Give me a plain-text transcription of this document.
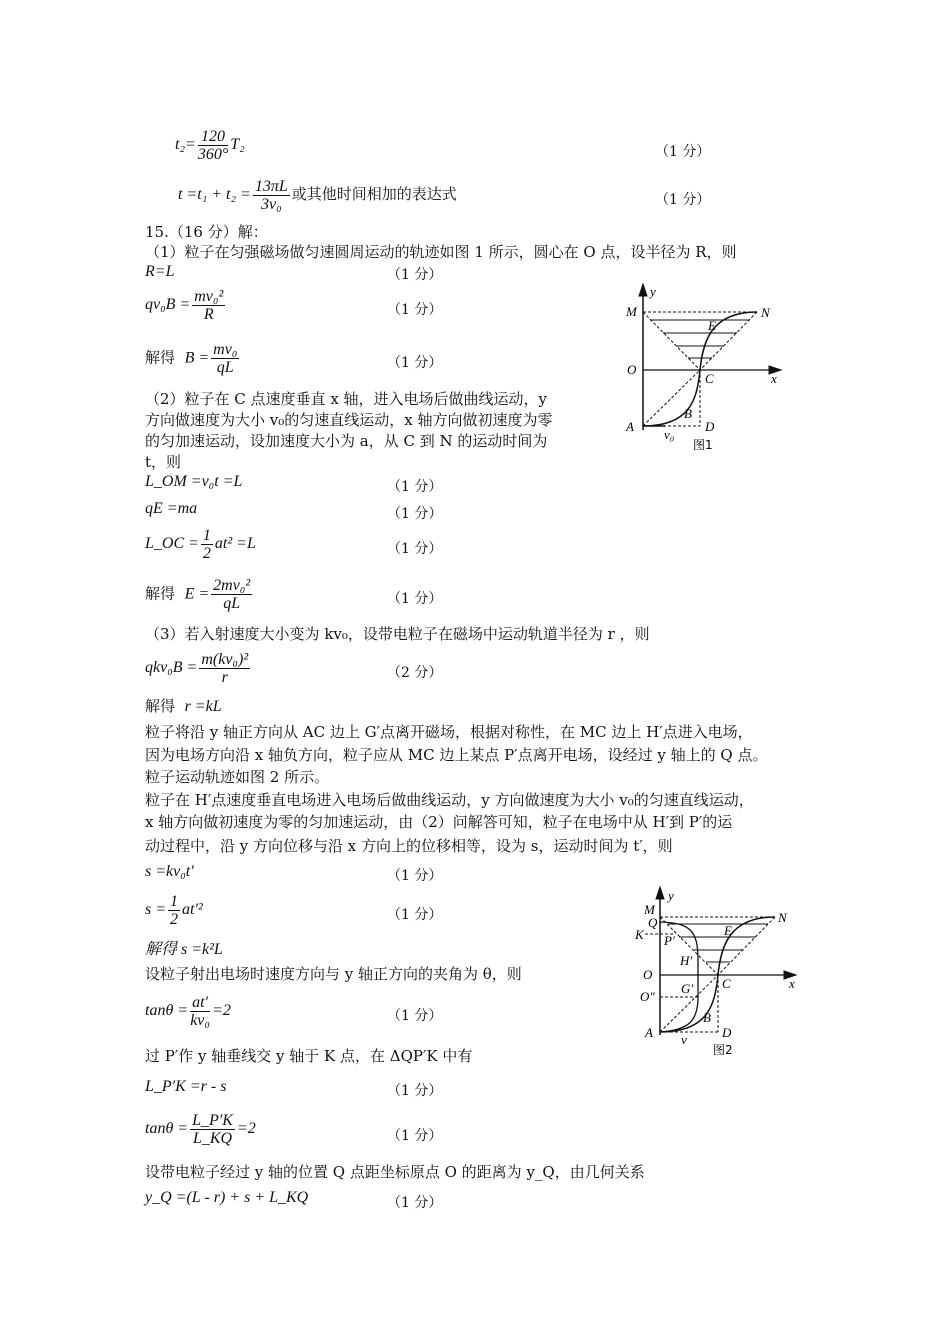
$t_2= \frac{120}{360^\circ} T_2$	（1 分）
$t =t_1 + t_2 = \frac{13\pi L}{\text{3v₀}}$ 或其他时间相加的表达式	（1 分）
15.（16 分）解：
（1）粒子在匀强磁场做匀速圆周运动的轨迹如图 1 所示，圆心在 O 点，设半径为 R，则
R=L	（1 分）
$qv_0B = \frac{\text{mv₀²}}{R}$	（1 分）
解得 $B = \frac{\text{mv₀}}{qL}$	（1 分）
（2）粒子在 C 点速度垂直 x 轴，进入电场后做曲线运动，y
方向做速度为大小 v₀的匀速直线运动，x 轴方向做初速度为零
的匀加速运动，设加速度大小为 a，从 C 到 N 的运动时间为
t，则
L_OM =v₀t =L	（1 分）
qE =ma	（1 分）
L_OC = $\frac{1}{2} at^2 =L$	（1 分）
解得 $E = \frac{\text{2mv₀²}}{qL}$	（1 分）
（3）若入射速度大小变为 kv₀，设带电粒子在磁场中运动轨道半径为 r ，则
$qkv_0B = \frac{\text{m(kv₀)²}}{r}$	（2 分）
解得 r =kL
粒子将沿 y 轴正方向从 AC 边上 G′点离开磁场，根据对称性，在 MC 边上 H′点进入电场，
因为电场方向沿 x 轴负方向，粒子应从 MC 边上某点 P′点离开电场，设经过 y 轴上的 Q 点。
粒子运动轨迹如图 2 所示。
粒子在 H′点速度垂直电场进入电场后做曲线运动，y 方向做速度为大小 v₀的匀速直线运动，
x 轴方向做初速度为零的匀加速运动，由（2）问解答可知，粒子在电场中从 H′到 P′的运
动过程中，沿 y 方向位移与沿 x 方向上的位移相等，设为 s，运动时间为 t′，则
s =kv₀t′	（1 分）
$s = \frac{1}{2} at'^2$	（1 分）
解得 s =k²L
设粒子射出电场时速度方向与 y 轴正方向的夹角为 θ，则
$\tan\theta = \frac{at'}{\text{kv₀}} =2$	（1 分）
过 P′作 y 轴垂线交 y 轴于 K 点，在 ΔQP′K 中有
L_P′K =r - s	（1 分）
$\tan\theta = \frac{L\_P'K}{L\_KQ} =2$	（1 分）
设带电粒子经过 y 轴的位置 Q 点距坐标原点 O 的距离为 y_Q，由几何关系
y_Q =(L - r) + s + L_KQ	（1 分）
y
M	N
E
O
C	x
B
A	D
v₀
图1
y
M
Q
K P′
E
N
H′
O
C	x
O″
G′
B
A	D
v
图2
